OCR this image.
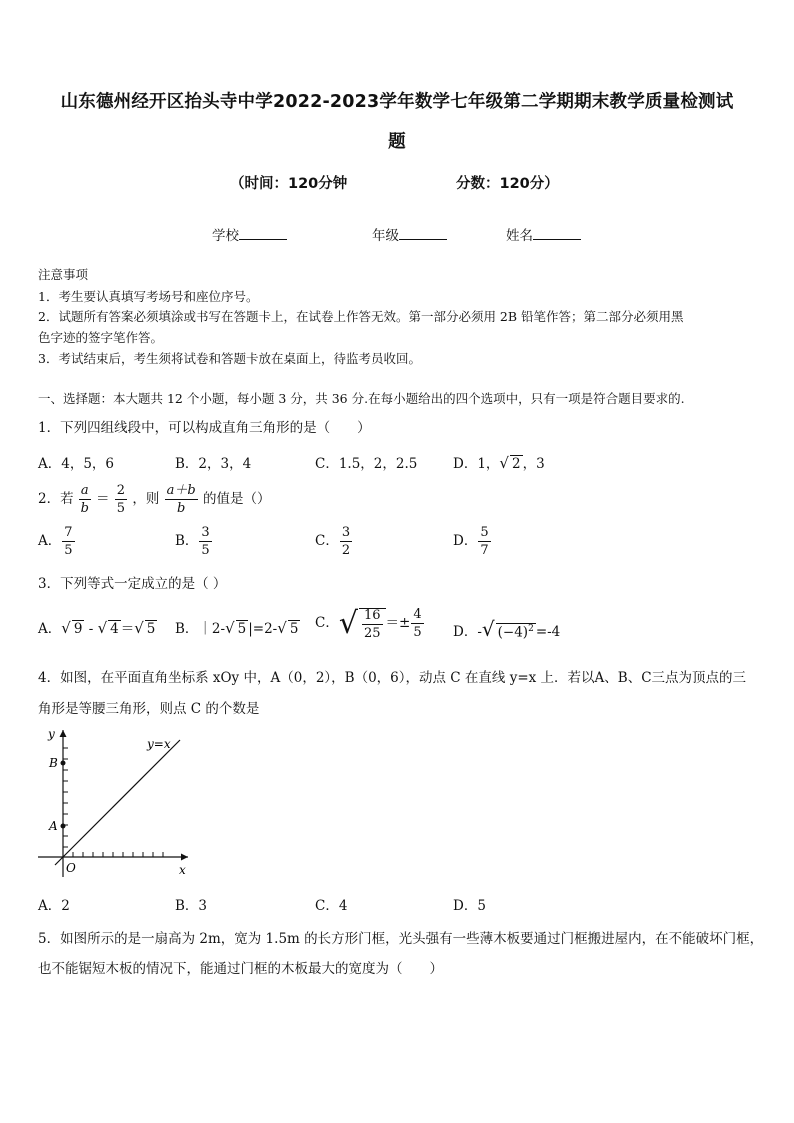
山东德州经开区抬头寺中学2022-2023学年数学七年级第二学期期末教学质量检测试
题
（时间：120分钟	分数：120分）
学校	年级	姓名
注意事项
1．考生要认真填写考场号和座位序号。
2．试题所有答案必须填涂或书写在答题卡上，在试卷上作答无效。第一部分必须用 2B 铅笔作答；第二部分必须用黑
色字迹的签字笔作答。
3．考试结束后，考生须将试卷和答题卡放在桌面上，待监考员收回。
一、选择题：本大题共 12 个小题，每小题 3 分，共 36 分.在每小题给出的四个选项中，只有一项是符合题目要求的.
1．下列四组线段中，可以构成直角三角形的是（　　）
A．4，5，6	B．2，3，4	C．1.5，2，2.5	D．1，√ 2 ，3
2．若 $\frac{a}{b} = \frac{2}{5}$ ，则 $\frac{a+b}{b}$ 的值是（）
A． $\frac{7}{5}$	B． $\frac{3}{5}$	C． $\frac{3}{2}$	D． $\frac{5}{7}$
3．下列等式一定成立的是（ ）
A．√ 9 - √ 4 ＝√ 5 B．｜2-√ 5 |=2-√ 5 C．√ $\frac{16}{25} =\pm \frac{4}{5}$ D．-√ $(-4)^2 =-4$
4．如图，在平面直角坐标系 xOy 中，A（0，2），B（0，6），动点 C 在直线 y=x 上．若以A、B、C三点为顶点的三
角形是等腰三角形，则点 C 的个数是
y
x
O
A
B
y=x
A．2	B．3	C．4	D．5
5．如图所示的是一扇高为 2m，宽为 1.5m 的长方形门框，光头强有一些薄木板要通过门框搬进屋内，在不能破坏门框，
也不能锯短木板的情况下，能通过门框的木板最大的宽度为（　　）
